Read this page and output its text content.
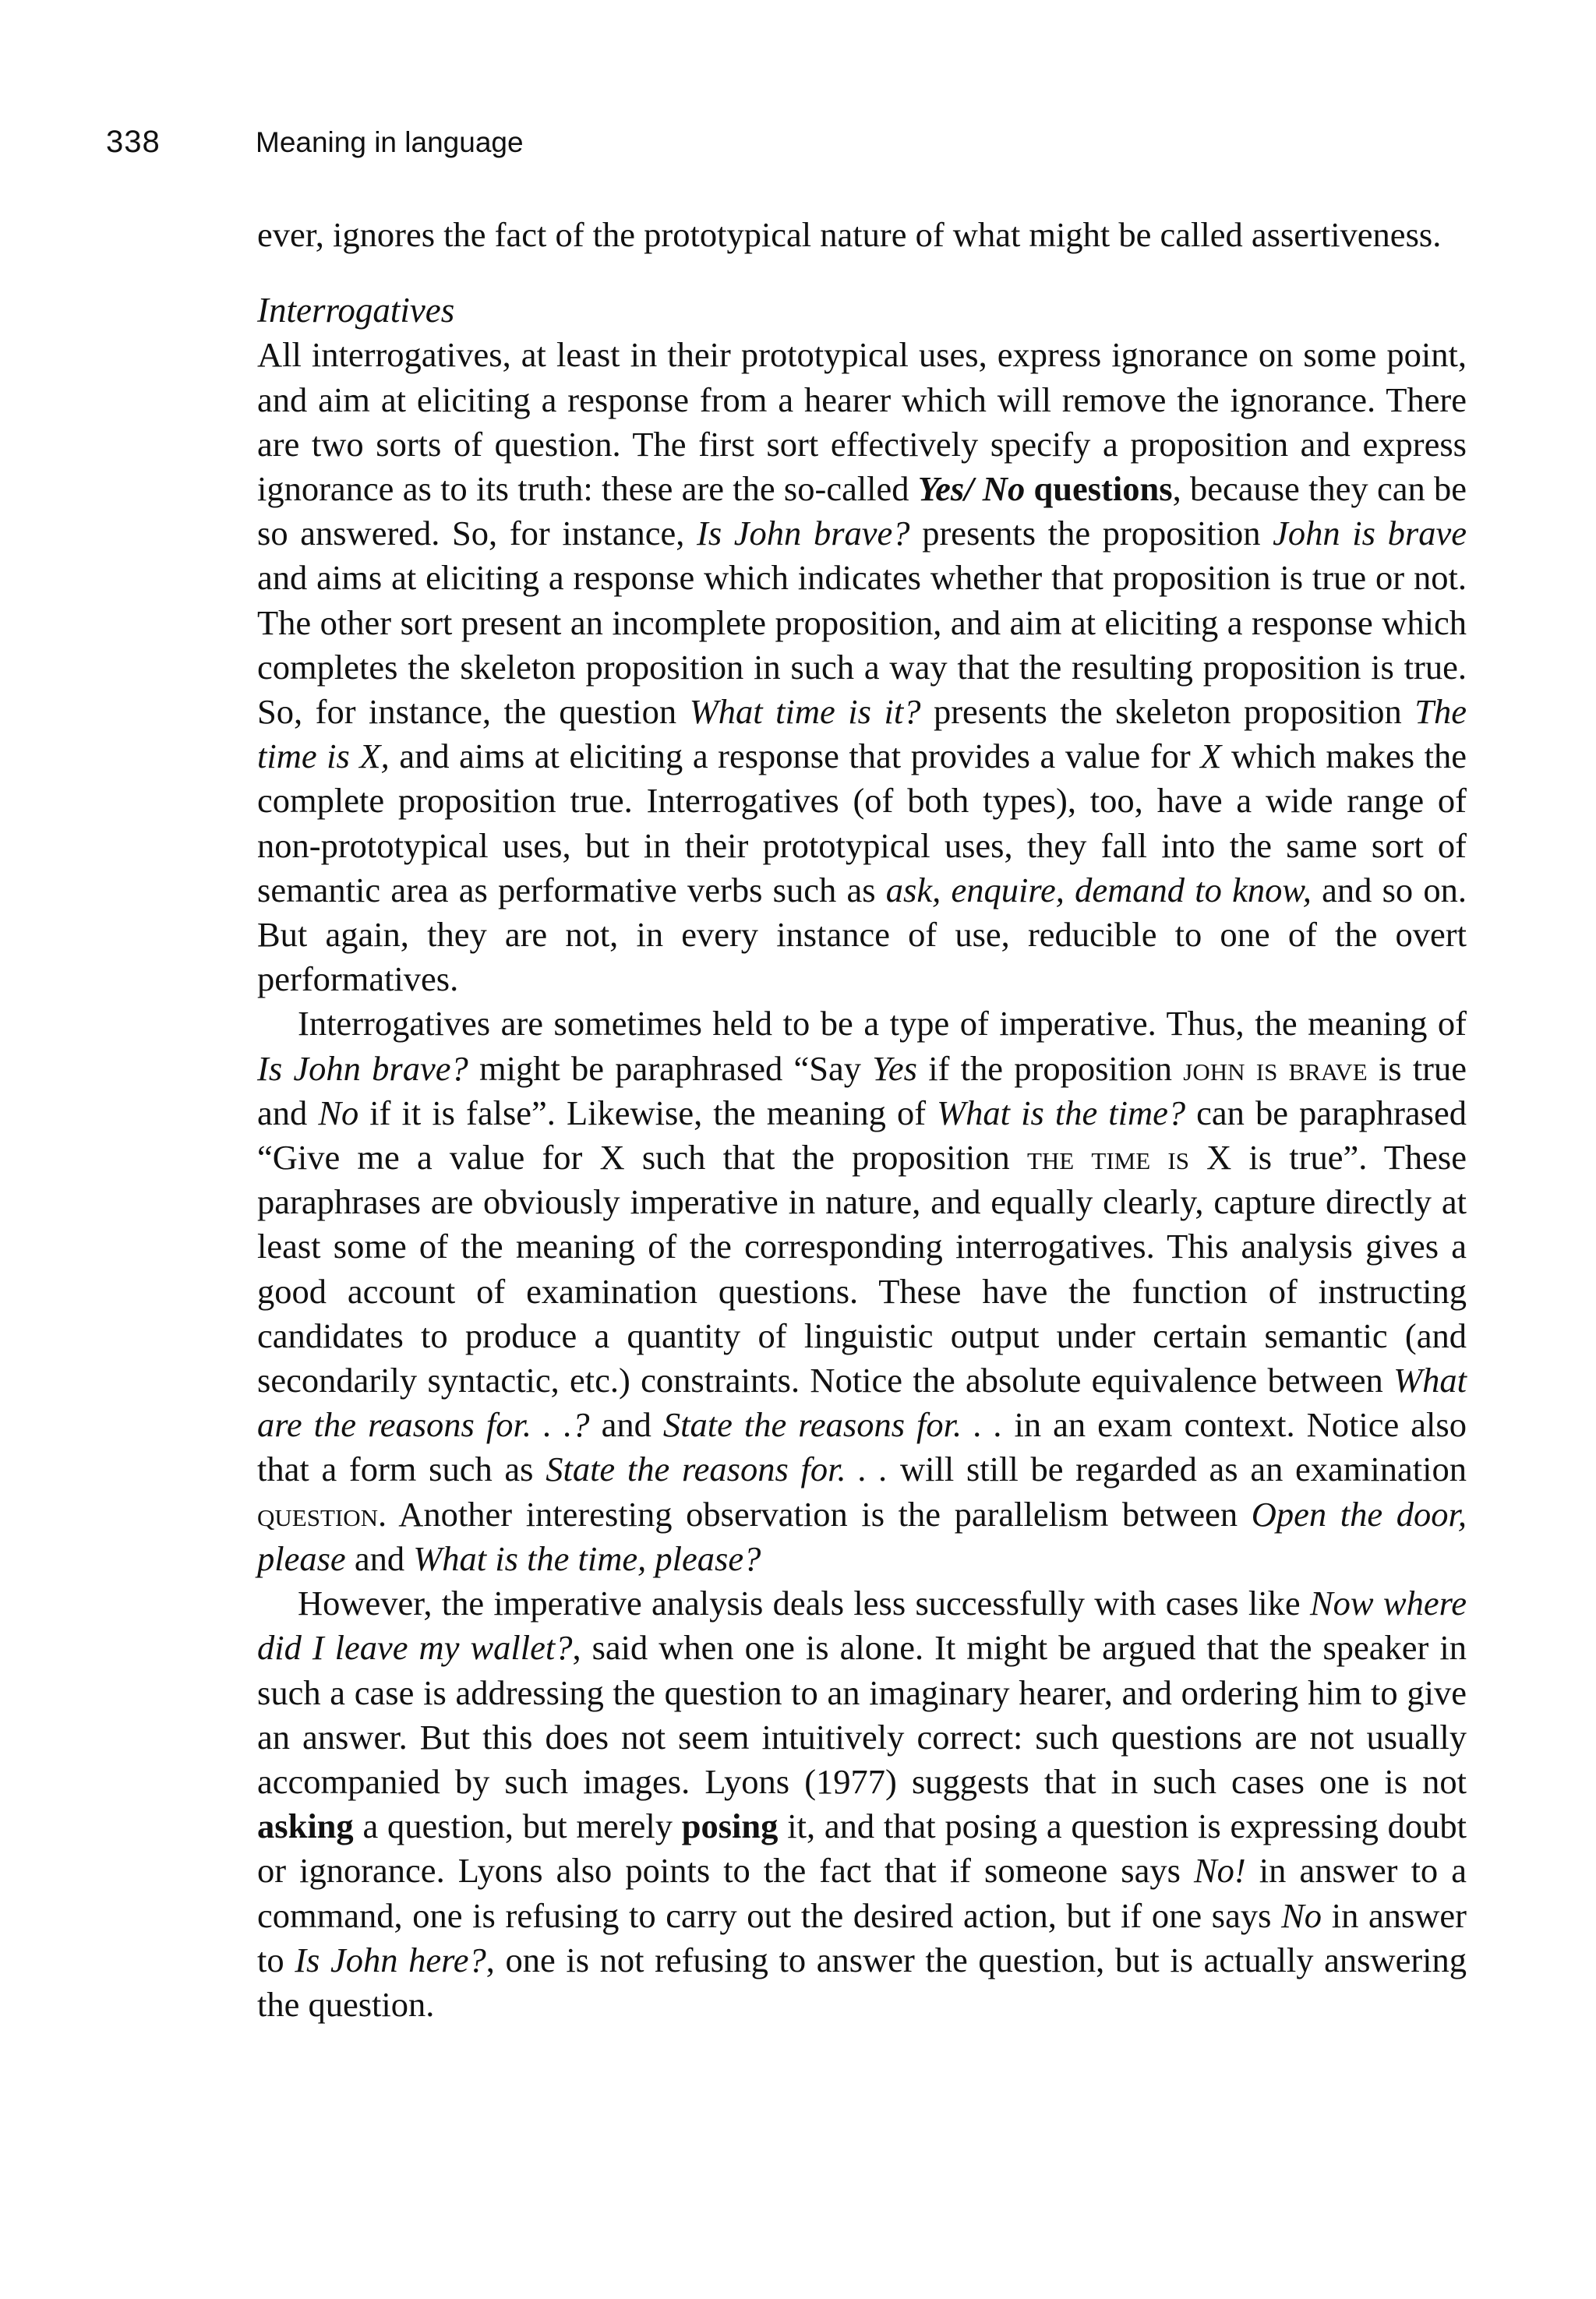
338	Meaning in language

ever, ignores the fact of the prototypical nature of what might be called assertiveness.

Interrogatives

All interrogatives, at least in their prototypical uses, express ignorance on some point, and aim at eliciting a response from a hearer which will remove the ignorance. There are two sorts of question. The first sort effectively specify a proposition and express ignorance as to its truth: these are the so-called Yes/ No questions, because they can be so answered. So, for instance, Is John brave? presents the proposition John is brave and aims at eliciting a response which indicates whether that proposition is true or not. The other sort present an incomplete proposition, and aim at eliciting a response which completes the skeleton proposition in such a way that the resulting proposition is true. So, for instance, the question What time is it? presents the skeleton proposition The time is X, and aims at eliciting a response that provides a value for X which makes the complete proposition true. Interrogatives (of both types), too, have a wide range of non-prototypical uses, but in their prototypical uses, they fall into the same sort of semantic area as performative verbs such as ask, enquire, demand to know, and so on. But again, they are not, in every instance of use, reducible to one of the overt performatives.

Interrogatives are sometimes held to be a type of imperative. Thus, the meaning of Is John brave? might be paraphrased “Say Yes if the proposition john is brave is true and No if it is false”. Likewise, the meaning of What is the time? can be paraphrased “Give me a value for X such that the proposition the time is X is true”. These paraphrases are obviously imperative in nature, and equally clearly, capture directly at least some of the meaning of the corresponding interrogatives. This analysis gives a good account of examination questions. These have the function of instructing candidates to produce a quantity of linguistic output under certain semantic (and secondarily syntactic, etc.) constraints. Notice the absolute equivalence between What are the reasons for. . .? and State the reasons for. . . in an exam context. Notice also that a form such as State the reasons for. . . will still be regarded as an examination question. Another interesting observation is the parallelism between Open the door, please and What is the time, please?

However, the imperative analysis deals less successfully with cases like Now where did I leave my wallet?, said when one is alone. It might be argued that the speaker in such a case is addressing the question to an imaginary hearer, and ordering him to give an answer. But this does not seem intuitively correct: such questions are not usually accompanied by such images. Lyons (1977) suggests that in such cases one is not asking a question, but merely posing it, and that posing a question is expressing doubt or ignorance. Lyons also points to the fact that if someone says No! in answer to a command, one is refusing to carry out the desired action, but if one says No in answer to Is John here?, one is not refusing to answer the question, but is actually answering the question.
